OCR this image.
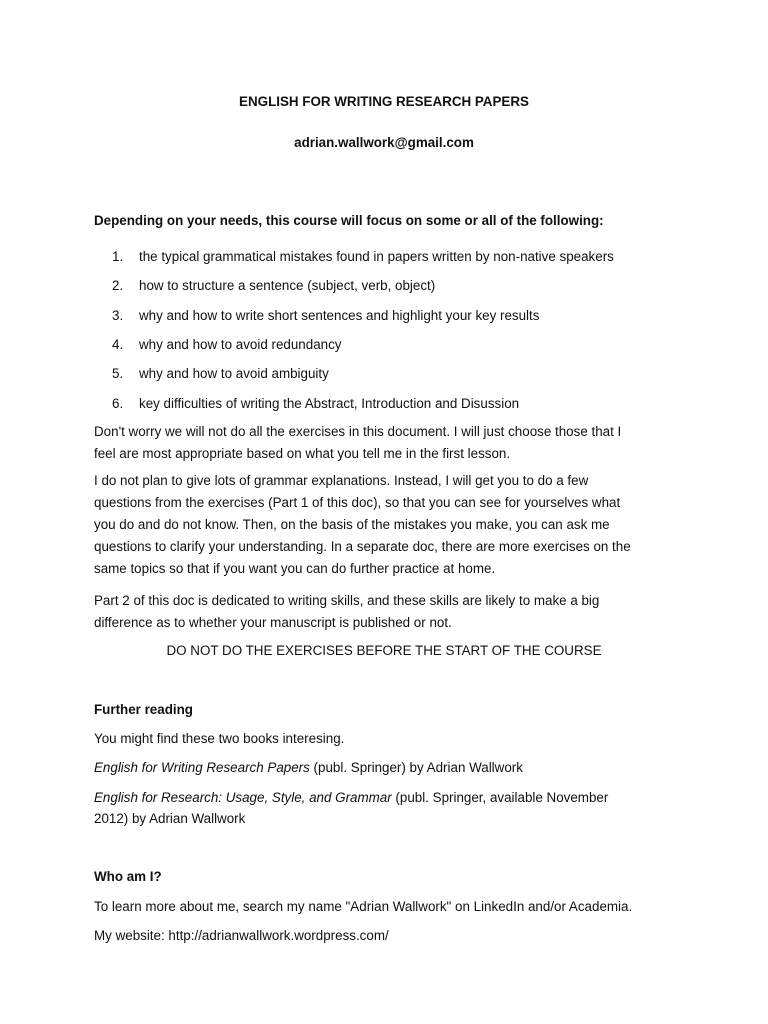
ENGLISH FOR WRITING RESEARCH PAPERS
adrian.wallwork@gmail.com
Depending on your needs, this course will focus on some or all of the following:
1.	the typical grammatical mistakes found in papers written by non-native speakers
2.	how to structure a sentence (subject, verb, object)
3.	why and how to write short sentences and highlight your key results
4.	why and how to avoid redundancy
5.	why and how to avoid ambiguity
6.	key difficulties of writing the Abstract, Introduction and Disussion

Don't worry we will not do all the exercises in this document. I will just choose those that I

feel are most appropriate based on what you tell me in the first lesson.

I do not plan to give lots of grammar explanations. Instead, I will get you to do a few

questions from the exercises (Part 1 of this doc), so that you can see for yourselves what

you do and do not know. Then, on the basis of the mistakes you make, you can ask me

questions to clarify your understanding. In a separate doc, there are more exercises on the

same topics so that if you want you can do further practice at home.

Part 2 of this doc is dedicated to writing skills, and these skills are likely to make a big

difference as to whether your manuscript is published or not.

DO NOT DO THE EXERCISES BEFORE THE START OF THE COURSE
Further reading
You might find these two books interesing.
English for Writing Research Papers (publ. Springer) by Adrian Wallwork
English for Research: Usage, Style, and Grammar (publ. Springer, available November
2012) by Adrian Wallwork
Who am I?
To learn more about me, search my name "Adrian Wallwork" on LinkedIn and/or Academia.
My website: http://adrianwallwork.wordpress.com/
